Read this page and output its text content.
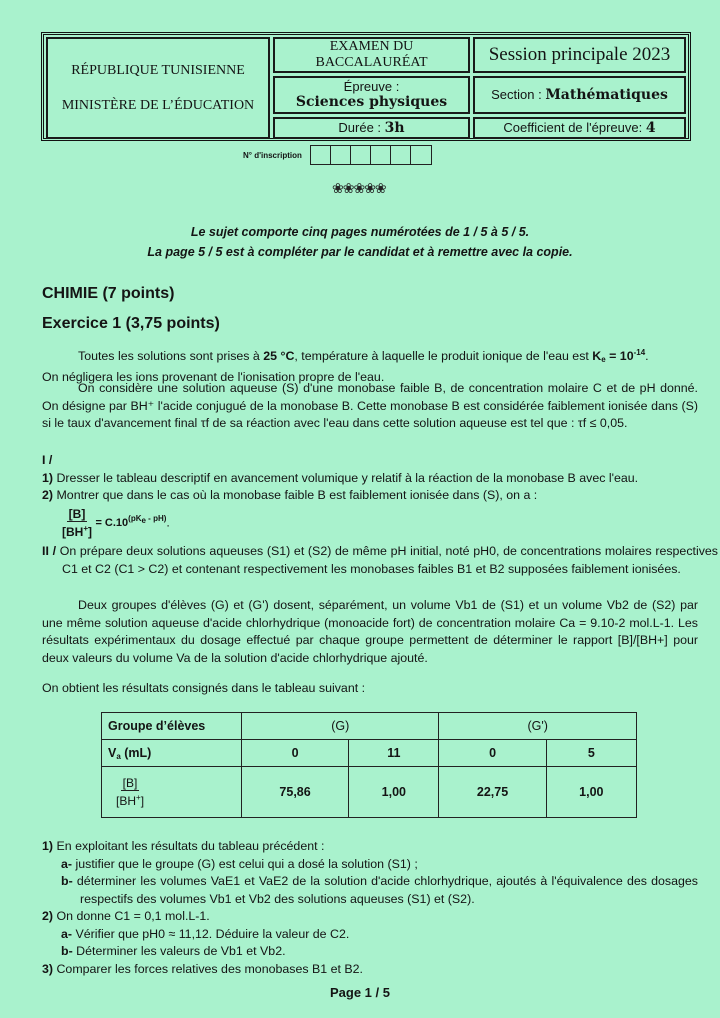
RÉPUBLIQUE TUNISIENNE
MINISTÈRE DE L’ÉDUCATION
EXAMEN DU BACCALAURÉAT	Session principale 2023
Épreuve :
Sciences physiques	Section : Mathématiques
Durée : 3h	Coefficient de l'épreuve: 4
N° d'inscription
❀❀❀❀❀
Le sujet comporte cinq pages numérotées de 1 / 5 à 5 / 5.
La page 5 / 5 est à compléter par le candidat et à remettre avec la copie.
CHIMIE (7 points)
Exercice 1 (3,75 points)
Toutes les solutions sont prises à 25 °C, température à laquelle le produit ionique de l'eau est $K_e = 10^{-14}$.
On négligera les ions provenant de l'ionisation propre de l'eau.
On considère une solution aqueuse (S) d'une monobase faible B, de concentration molaire C et de pH donné. On désigne par BH⁺ l'acide conjugué de la monobase B. Cette monobase B est considérée faiblement ionisée dans (S) si le taux d'avancement final τf de sa réaction avec l'eau dans cette solution aqueuse est tel que : τf ≤ 0,05.
I /
1) Dresser le tableau descriptif en avancement volumique y relatif à la réaction de la monobase B avec l'eau.
2) Montrer que dans le cas où la monobase faible B est faiblement ionisée dans (S), on a :
$\frac{[B]}{[BH^+]} = C.10^{(pK_e - pH)}$.
II / On prépare deux solutions aqueuses (S1) et (S2) de même pH initial, noté pH0, de concentrations molaires respectives C1 et C2 (C1 > C2) et contenant respectivement les monobases faibles B1 et B2 supposées faiblement ionisées.
Deux groupes d'élèves (G) et (G') dosent, séparément, un volume Vb1 de (S1) et un volume Vb2 de (S2) par une même solution aqueuse d'acide chlorhydrique (monoacide fort) de concentration molaire Ca = 9.10-2 mol.L-1. Les résultats expérimentaux du dosage effectué par chaque groupe permettent de déterminer le rapport [B]/[BH+] pour deux valeurs du volume Va de la solution d'acide chlorhydrique ajouté.
On obtient les résultats consignés dans le tableau suivant :
Groupe d’élèves	(G)		(G')	
$V_a$ (mL)	0	11	0	5

$\frac{[B]}{[BH^+]}$	75,86	1,00	22,75	1,00
1) En exploitant les résultats du tableau précédent :
a- justifier que le groupe (G) est celui qui a dosé la solution (S1) ;
b- déterminer les volumes VaE1 et VaE2 de la solution d'acide chlorhydrique, ajoutés à l'équivalence des dosages respectifs des volumes Vb1 et Vb2 des solutions aqueuses (S1) et (S2).
2) On donne C1 = 0,1 mol.L-1.
a- Vérifier que pH0 ≈ 11,12. Déduire la valeur de C2.
b- Déterminer les valeurs de Vb1 et Vb2.
3) Comparer les forces relatives des monobases B1 et B2.
Page 1 / 5
